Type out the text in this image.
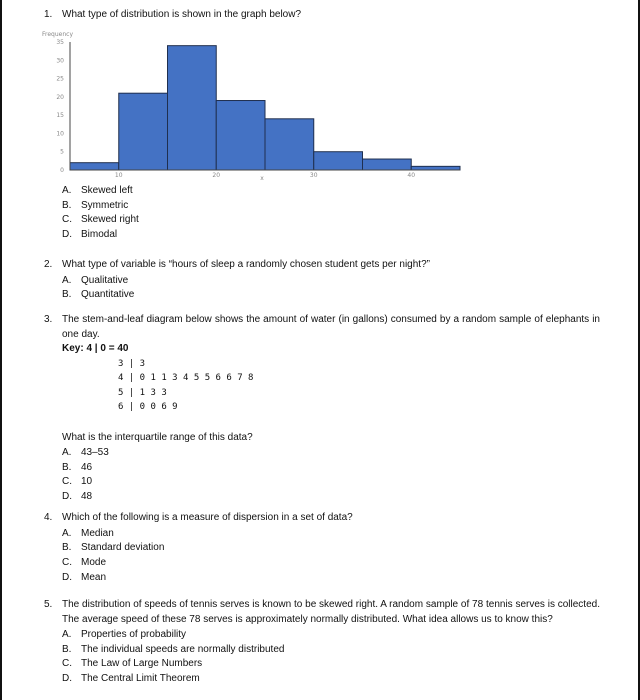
1. What type of distribution is shown in the graph below?
Frequency
0
5
10
15
20
25
30
35
10	20	30	40
x
A. Skewed left
B. Symmetric
C. Skewed right
D. Bimodal
2. What type of variable is “hours of sleep a randomly chosen student gets per night?”
A. Qualitative
B. Quantitative
3. The stem-and-leaf diagram below shows the amount of water (in gallons) consumed by a random sample of elephants in one day.
Key: 4 | 0 = 40
3 | 3
4 | 0 1 1 3 4 5 5 6 6 7 8
5 | 1 3 3
6 | 0 0 6 9
What is the interquartile range of this data?
A. 43–53
B. 46
C. 10
D. 48
4. Which of the following is a measure of dispersion in a set of data?
A. Median
B. Standard deviation
C. Mode
D. Mean
5. The distribution of speeds of tennis serves is known to be skewed right. A random sample of 78 tennis serves is collected. The average speed of these 78 serves is approximately normally distributed. What idea allows us to know this?
A. Properties of probability
B. The individual speeds are normally distributed
C. The Law of Large Numbers
D. The Central Limit Theorem
